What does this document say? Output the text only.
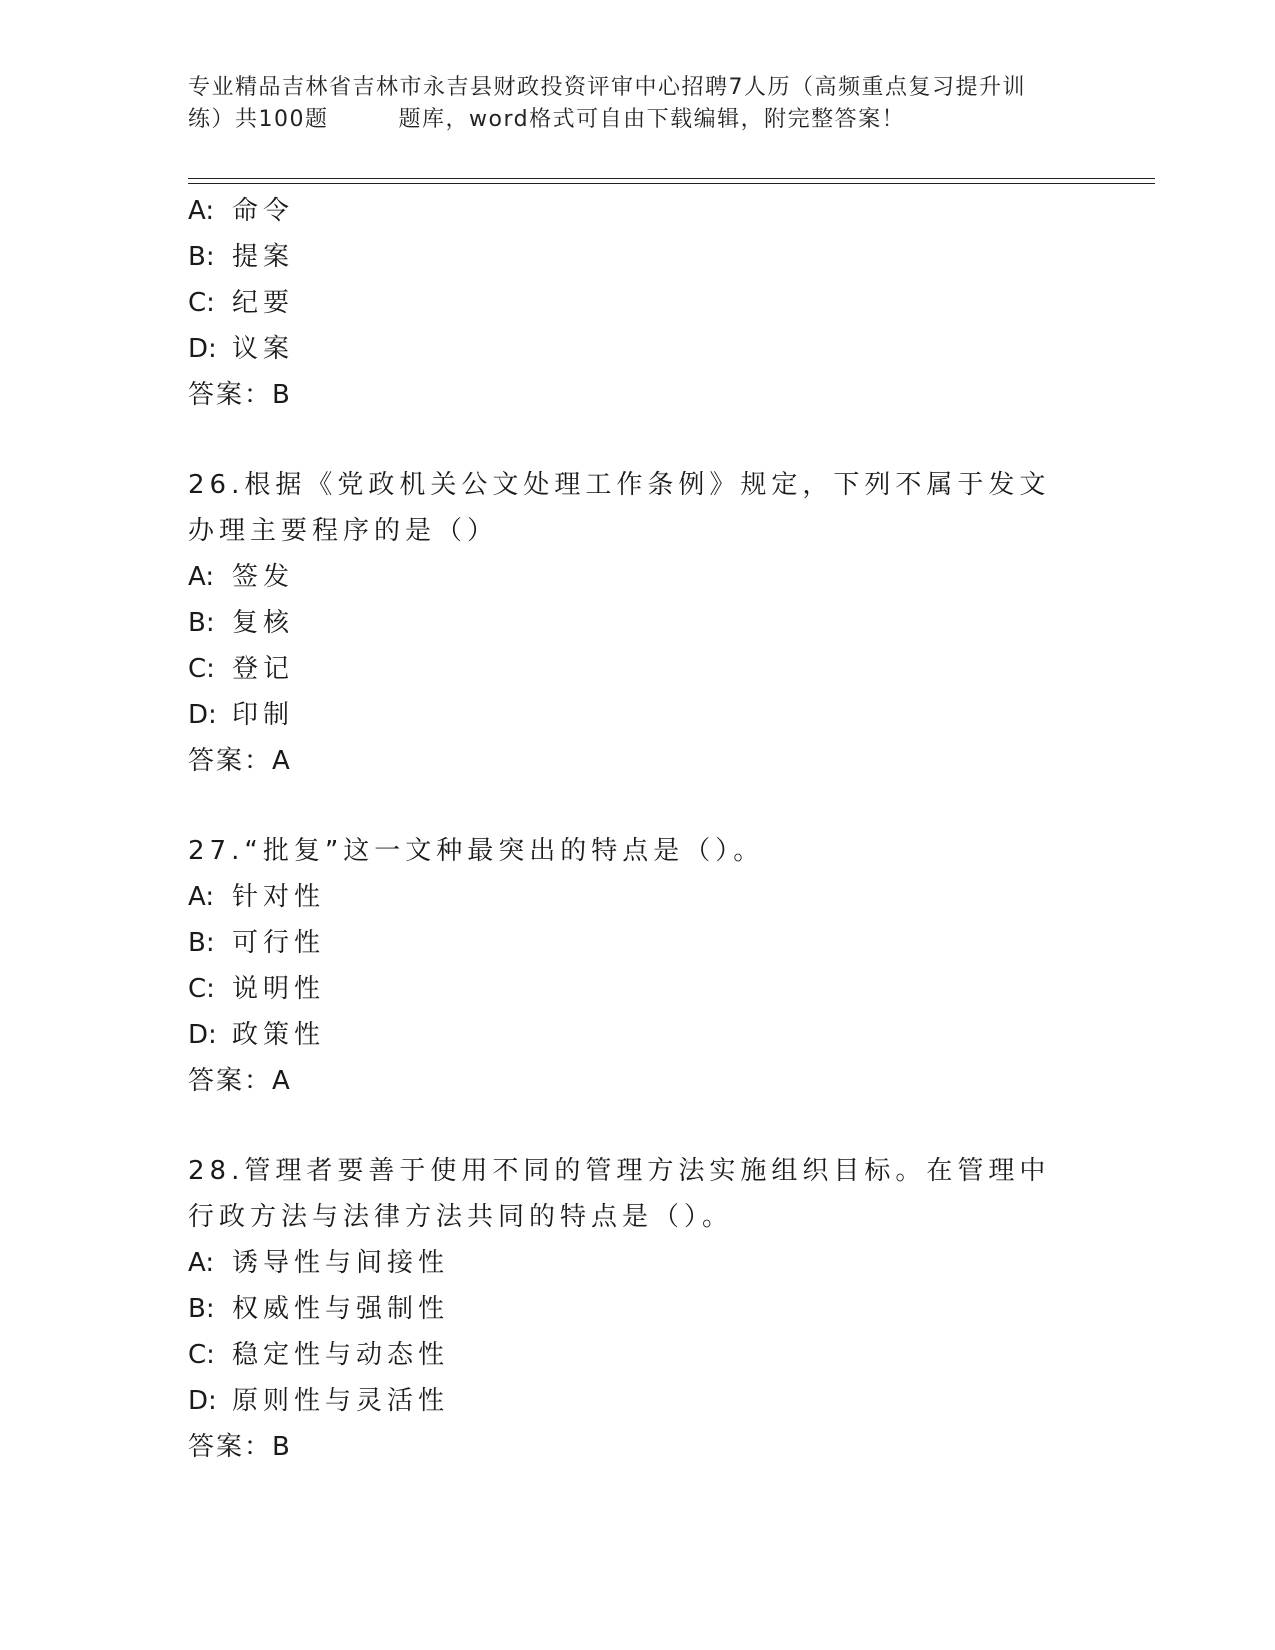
专业精品吉林省吉林市永吉县财政投资评审中心招聘7人历（高频重点复习提升训
练）共100题	题库，word格式可自由下载编辑，附完整答案！
A: 命令
B: 提案
C: 纪要
D: 议案
答案：B
26.根据《党政机关公文处理工作条例》规定，下列不属于发文办理主要程序的是（）
A: 签发
B: 复核
C: 登记
D: 印制
答案：A
27.“批复”这一文种最突出的特点是（）。
A: 针对性
B: 可行性
C: 说明性
D: 政策性
答案：A
28.管理者要善于使用不同的管理方法实施组织目标。在管理中行政方法与法律方法共同的特点是（）。
A: 诱导性与间接性
B: 权威性与强制性
C: 稳定性与动态性
D: 原则性与灵活性
答案：B
